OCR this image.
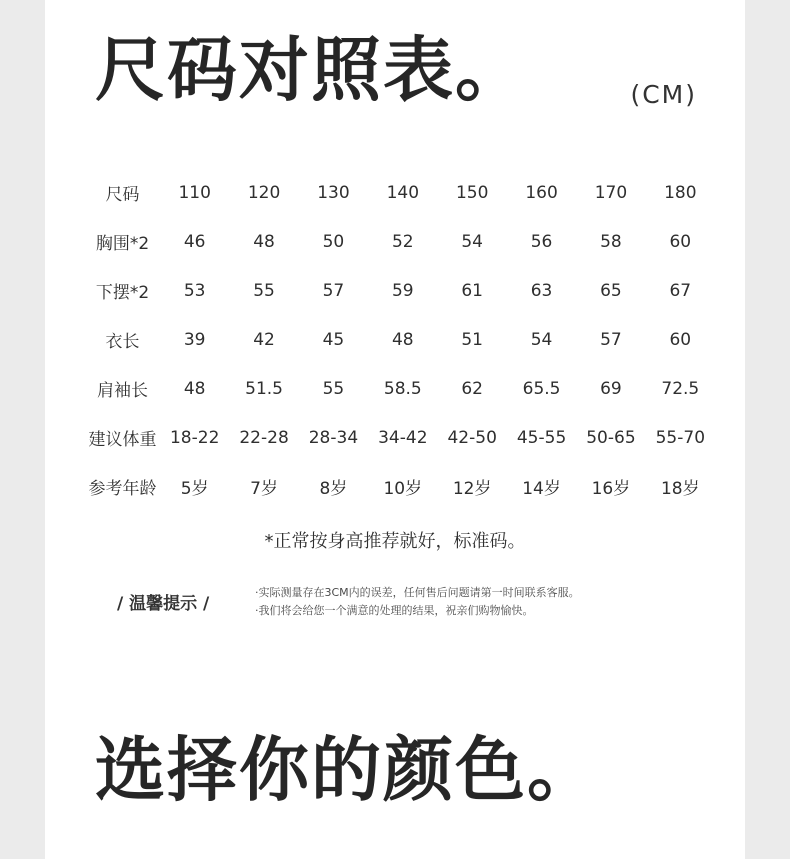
尺码对照表。	(CM)
尺码	110	120	130	140	150	160	170	180
胸围*2	46	48	50	52	54	56	58	60
下摆*2	53	55	57	59	61	63	65	67
衣长	39	42	45	48	51	54	57	60
肩袖长	48	51.5	55	58.5	62	65.5	69	72.5
建议体重	18-22	22-28	28-34	34-42	42-50	45-55	50-65	55-70
参考年龄	5岁	7岁	8岁	10岁	12岁	14岁	16岁	18岁
*正常按身高推荐就好，标准码。
/ 温馨提示 /
·实际测量存在3CM内的误差，任何售后问题请第一时间联系客服。
·我们将会给您一个满意的处理的结果，祝亲们购物愉快。
选择你的颜色。
